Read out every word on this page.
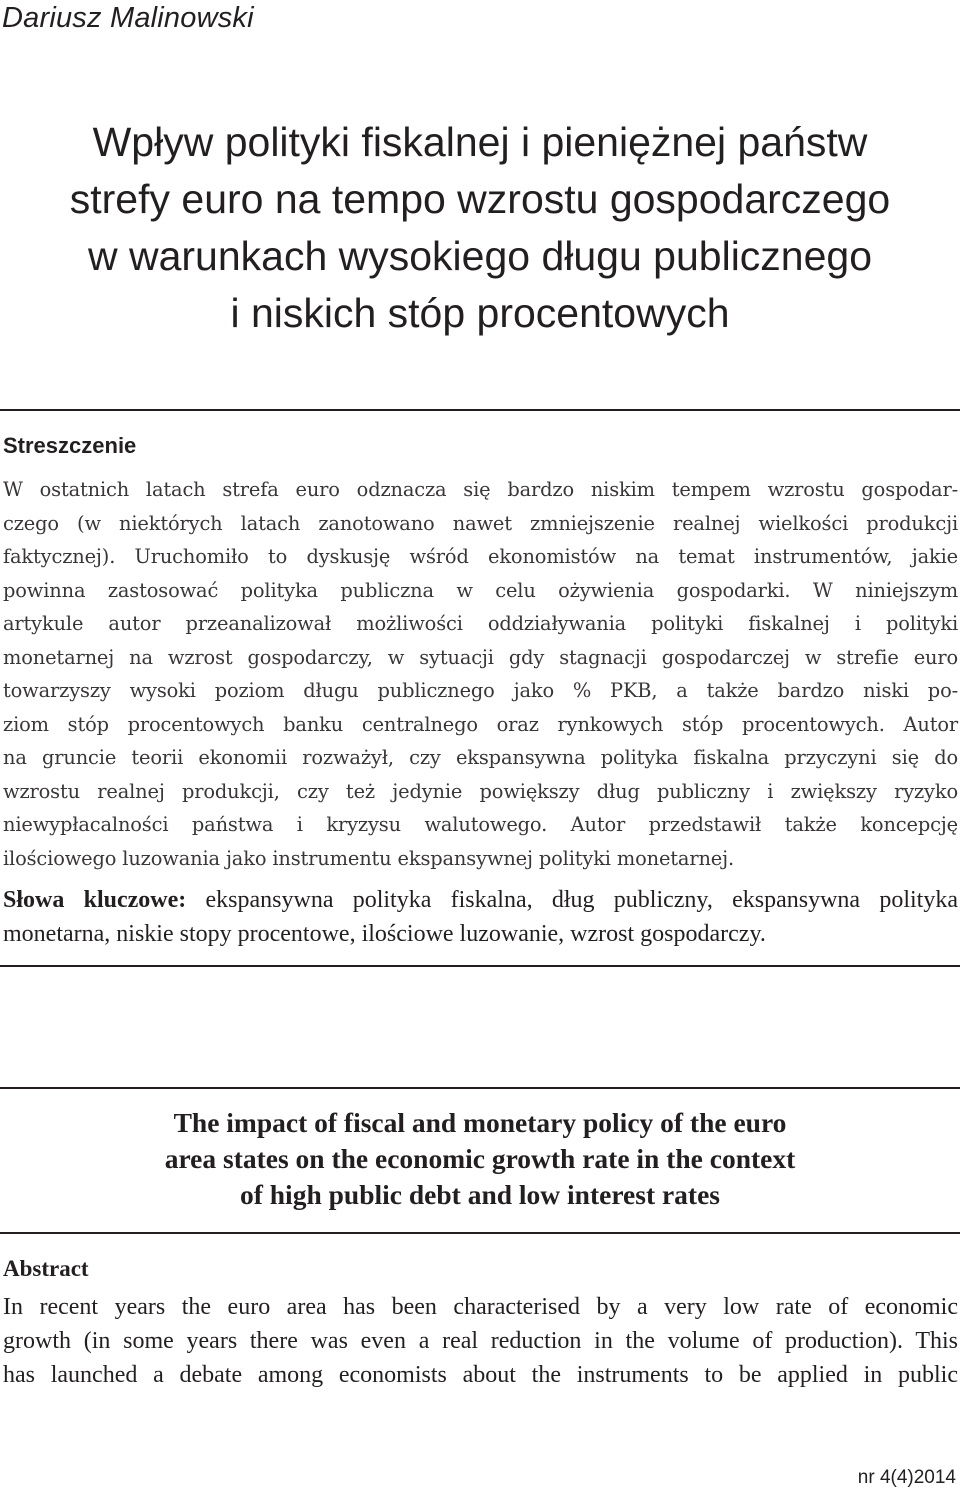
Dariusz Malinowski
Wpływ polityki fiskalnej i pieniężnej państw
strefy euro na tempo wzrostu gospodarczego
w warunkach wysokiego długu publicznego
i niskich stóp procentowych
Streszczenie
W ostatnich latach strefa euro odznacza się bardzo niskim tempem wzrostu gospodar-
czego (w niektórych latach zanotowano nawet zmniejszenie realnej wielkości produkcji
faktycznej). Uruchomiło to dyskusję wśród ekonomistów na temat instrumentów, jakie
powinna zastosować polityka publiczna w celu ożywienia gospodarki. W niniejszym
artykule autor przeanalizował możliwości oddziaływania polityki fiskalnej i polityki
monetarnej na wzrost gospodarczy, w sytuacji gdy stagnacji gospodarczej w strefie euro
towarzyszy wysoki poziom długu publicznego jako % PKB, a także bardzo niski po-
ziom stóp procentowych banku centralnego oraz rynkowych stóp procentowych. Autor
na gruncie teorii ekonomii rozważył, czy ekspansywna polityka fiskalna przyczyni się do
wzrostu realnej produkcji, czy też jedynie powiększy dług publiczny i zwiększy ryzyko
niewypłacalności państwa i kryzysu walutowego. Autor przedstawił także koncepcję
ilościowego luzowania jako instrumentu ekspansywnej polityki monetarnej.
Słowa kluczowe: ekspansywna polityka fiskalna, dług publiczny, ekspansywna polityka
monetarna, niskie stopy procentowe, ilościowe luzowanie, wzrost gospodarczy.
The impact of fiscal and monetary policy of the euro
area states on the economic growth rate in the context
of high public debt and low interest rates
Abstract
In recent years the euro area has been characterised by a very low rate of economic
growth (in some years there was even a real reduction in the volume of production). This
has launched a debate among economists about the instruments to be applied in public
nr 4(4)2014
